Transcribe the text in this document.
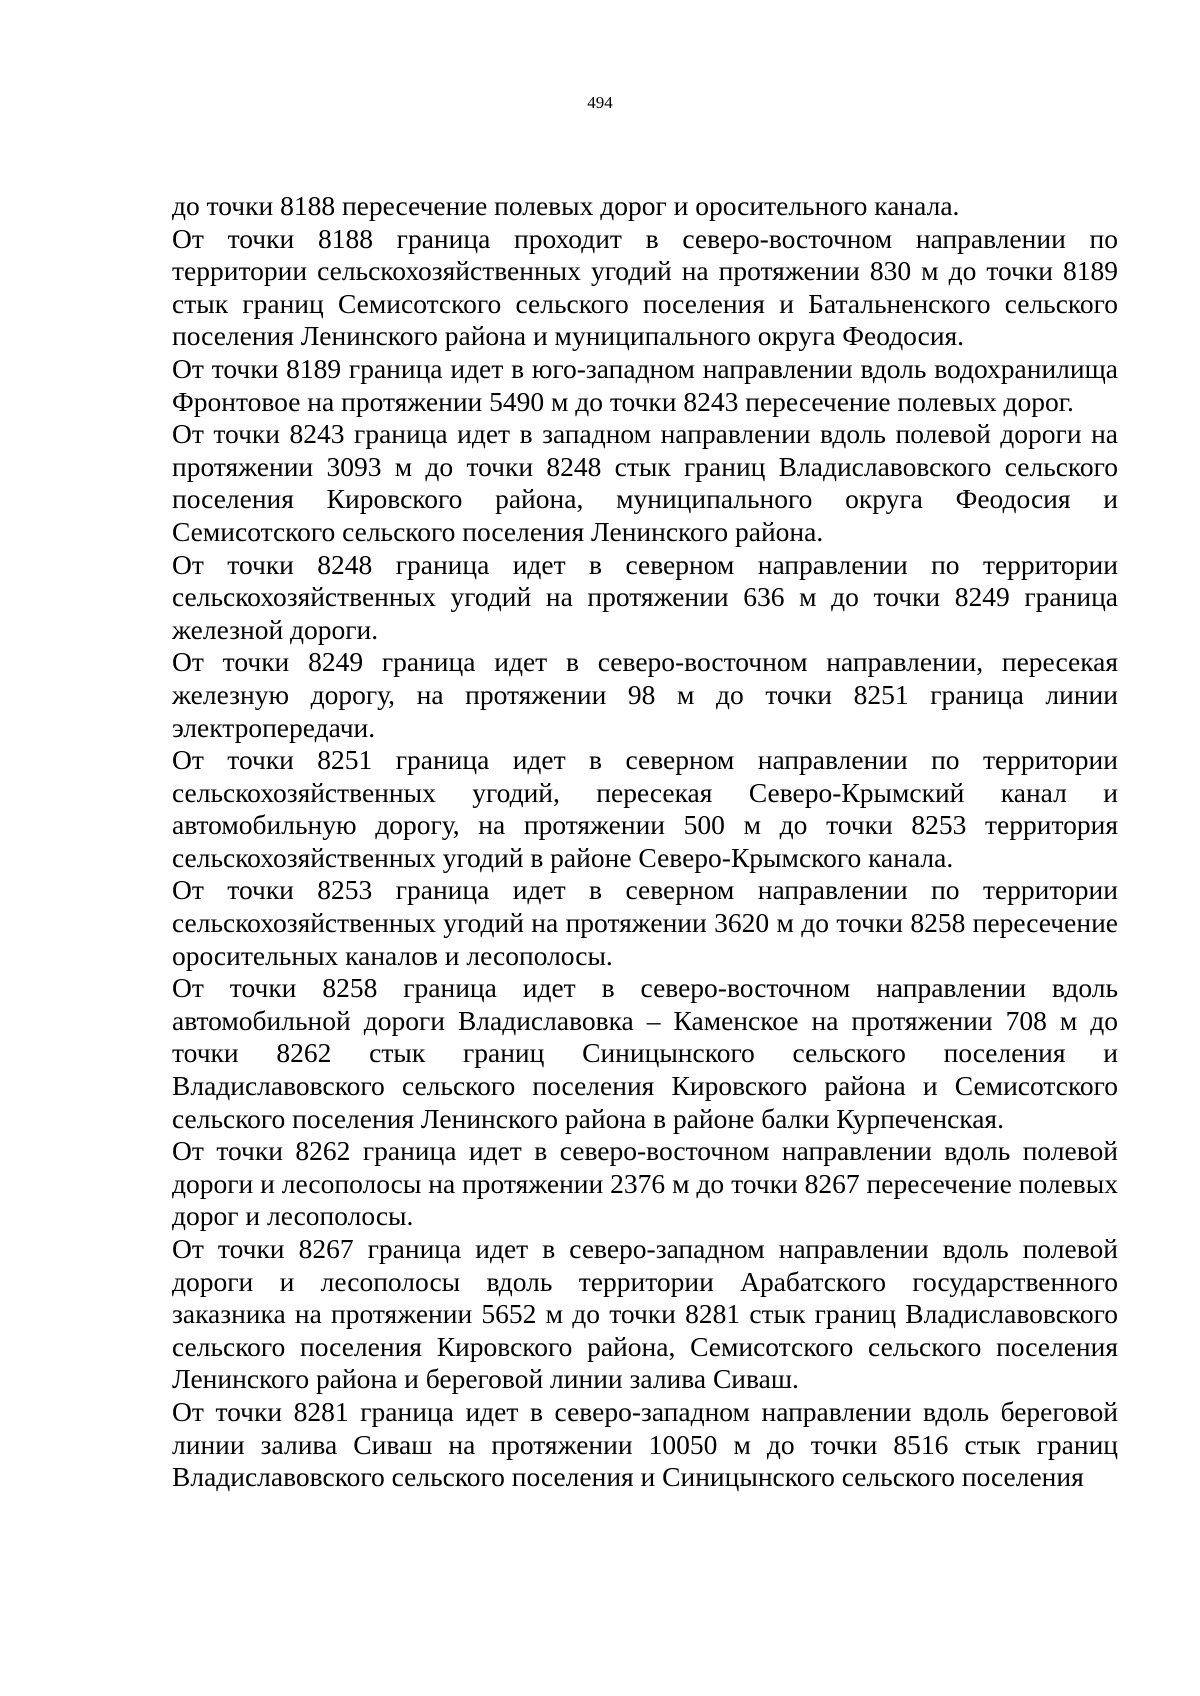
494

до точки 8188 пересечение полевых дорог и оросительного канала.

От точки 8188 граница проходит в северо-восточном направлении по территории сельскохозяйственных угодий на протяжении 830 м до точки 8189 стык границ Семисотского сельского поселения и Батальненского сельского поселения Ленинского района и муниципального округа Феодосия.

От точки 8189 граница идет в юго-западном направлении вдоль водохранилища Фронтовое на протяжении 5490 м до точки 8243 пересечение полевых дорог.

От точки 8243 граница идет в западном направлении вдоль полевой дороги на протяжении 3093 м до точки 8248 стык границ Владиславовского сельского поселения Кировского района, муниципального округа Феодосия и Семисотского сельского поселения Ленинского района.

От точки 8248 граница идет в северном направлении по территории сельскохозяйственных угодий на протяжении 636 м до точки 8249 граница железной дороги.

От точки 8249 граница идет в северо-восточном направлении, пересекая железную дорогу, на протяжении 98 м до точки 8251 граница линии электропередачи.

От точки 8251 граница идет в северном направлении по территории сельскохозяйственных угодий, пересекая Северо-Крымский канал и автомобильную дорогу, на протяжении 500 м до точки 8253 территория сельскохозяйственных угодий в районе Северо-Крымского канала.

От точки 8253 граница идет в северном направлении по территории сельскохозяйственных угодий на протяжении 3620 м до точки 8258 пересечение оросительных каналов и лесополосы.

От точки 8258 граница идет в северо-восточном направлении вдоль автомобильной дороги Владиславовка – Каменское на протяжении 708 м до точки 8262 стык границ Синицынского сельского поселения и Владиславовского сельского поселения Кировского района и Семисотского сельского поселения Ленинского района в районе балки Курпеченская.

От точки 8262 граница идет в северо-восточном направлении вдоль полевой дороги и лесополосы на протяжении 2376 м до точки 8267 пересечение полевых дорог и лесополосы.

От точки 8267 граница идет в северо-западном направлении вдоль полевой дороги и лесополосы вдоль территории Арабатского государственного заказника на протяжении 5652 м до точки 8281 стык границ Владиславовского сельского поселения Кировского района, Семисотского сельского поселения Ленинского района и береговой линии залива Сиваш.

От точки 8281 граница идет в северо-западном направлении вдоль береговой линии залива Сиваш на протяжении 10050 м до точки 8516 стык границ Владиславовского сельского поселения и Синицынского сельского поселения
